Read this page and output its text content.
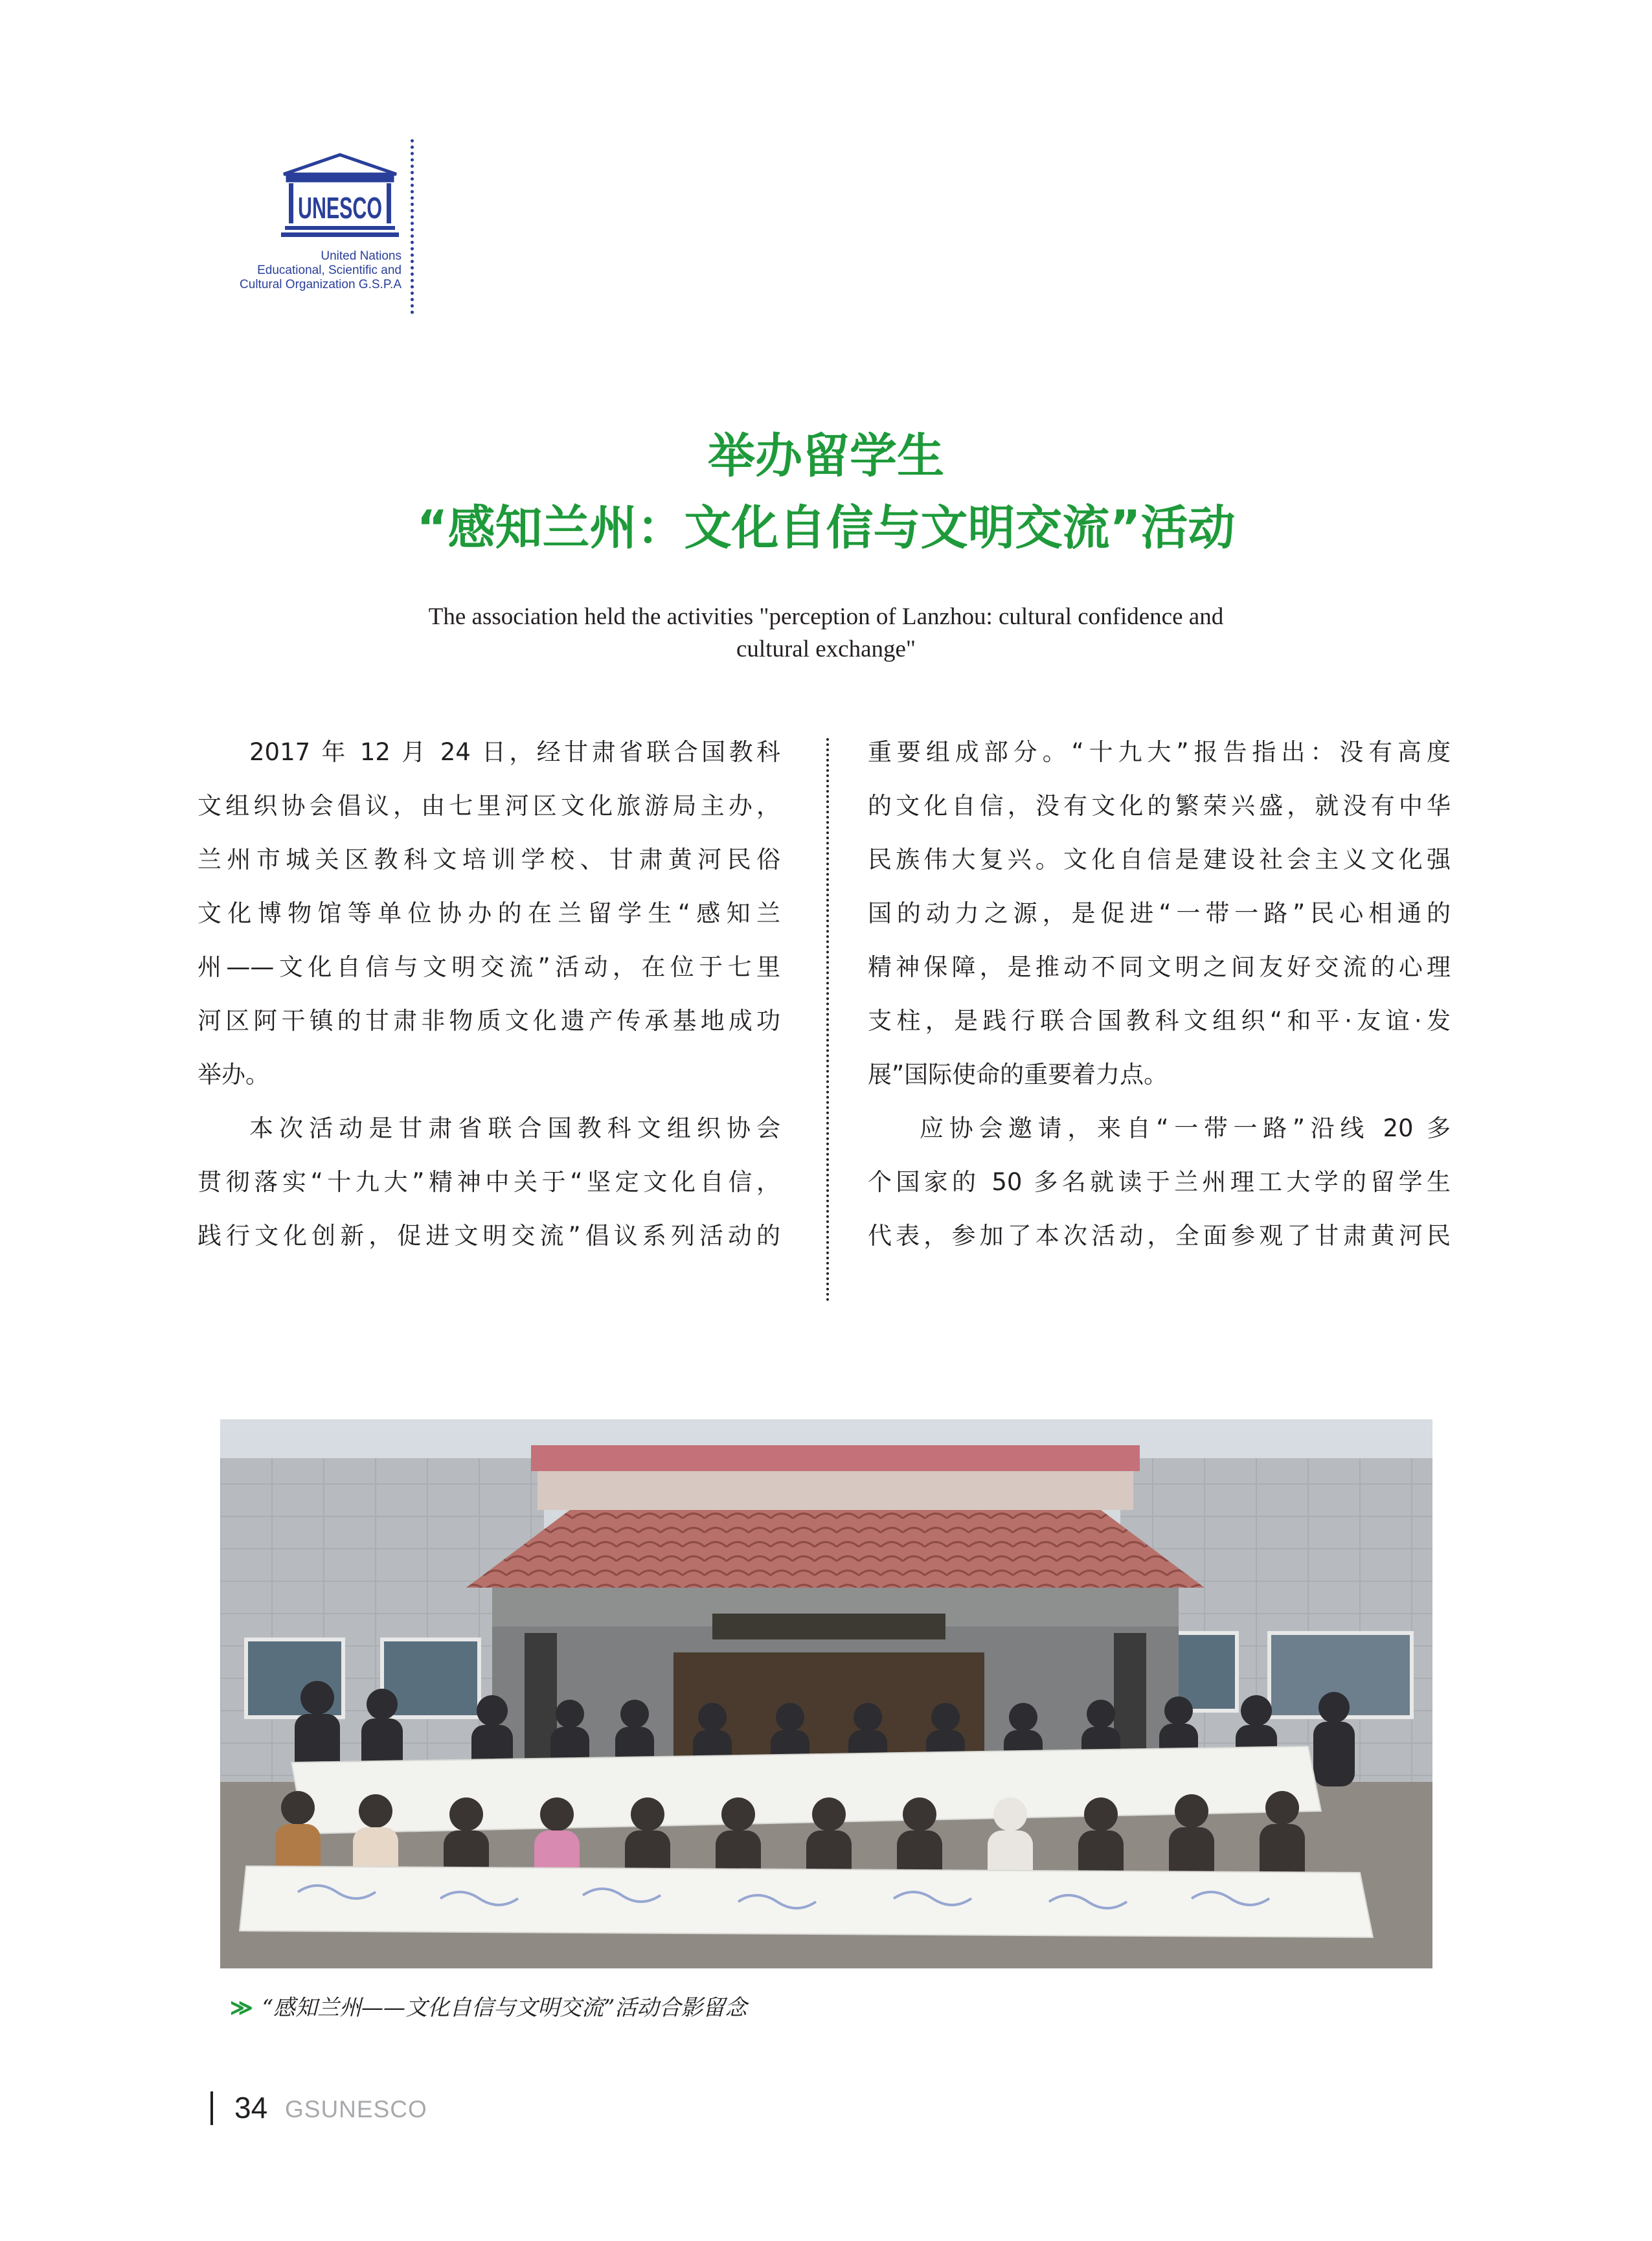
UNESCO
United Nations
Educational, Scientific and
Cultural Organization G.S.P.A
举办留学生
“感知兰州：文化自信与文明交流”活动
The association held the activities "perception of Lanzhou: cultural confidence and
cultural exchange"
2017 年 12 月 24 日，经甘肃省联合国教科
文组织协会倡议，由七里河区文化旅游局主办，
兰州市城关区教科文培训学校、甘肃黄河民俗
文化博物馆等单位协办的在兰留学生“感知兰
州——文化自信与文明交流”活动，在位于七里
河区阿干镇的甘肃非物质文化遗产传承基地成功
举办。
本次活动是甘肃省联合国教科文组织协会
贯彻落实“十九大”精神中关于“坚定文化自信，
践行文化创新，促进文明交流”倡议系列活动的
重要组成部分。“十九大”报告指出：没有高度
的文化自信，没有文化的繁荣兴盛，就没有中华
民族伟大复兴。文化自信是建设社会主义文化强
国的动力之源，是促进“一带一路”民心相通的
精神保障，是推动不同文明之间友好交流的心理
支柱，是践行联合国教科文组织“和平·友谊·发
展”国际使命的重要着力点。
应协会邀请，来自“一带一路”沿线 20 多
个国家的 50 多名就读于兰州理工大学的留学生
代表，参加了本次活动，全面参观了甘肃黄河民
≫ “感知兰州——文化自信与文明交流”活动合影留念
34 GSUNESCO
